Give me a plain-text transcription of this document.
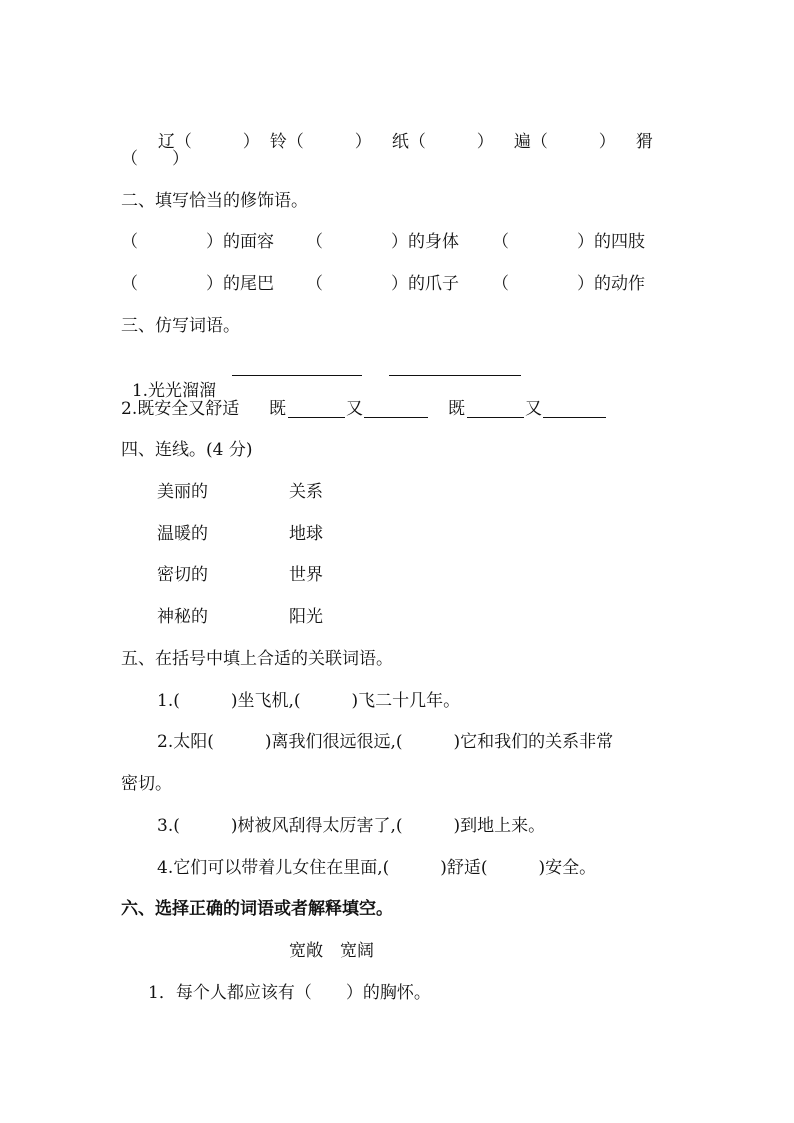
辽（　　　） 铃（　　　）	纸（　　　）	遍（　　　）	猾

（　　）
二、填写恰当的修饰语。
（　　　　）的面容 （　　　　）的身体 （　　　　）的四肢
（　　　　）的尾巴 （　　　　）的爪子 （　　　　）的动作
三、仿写词语。

1.光光溜溜

2.既安全又舒适 既	又	既	又
四、连线。(4 分)
美丽的	关系
温暖的	地球
密切的	世界
神秘的	阳光
五、在括号中填上合适的关联词语。
1.(　　　)坐飞机,(　　　)飞二十几年。
2.太阳(　　　)离我们很远很远,(　　　)它和我们的关系非常
密切。
3.(　　　)树被风刮得太厉害了,(　　　)到地上来。
4.它们可以带着儿女住在里面,(　　　)舒适(　　　)安全。
六、选择正确的词语或者解释填空。
宽敞　宽阔
1．每个人都应该有（　　）的胸怀。
